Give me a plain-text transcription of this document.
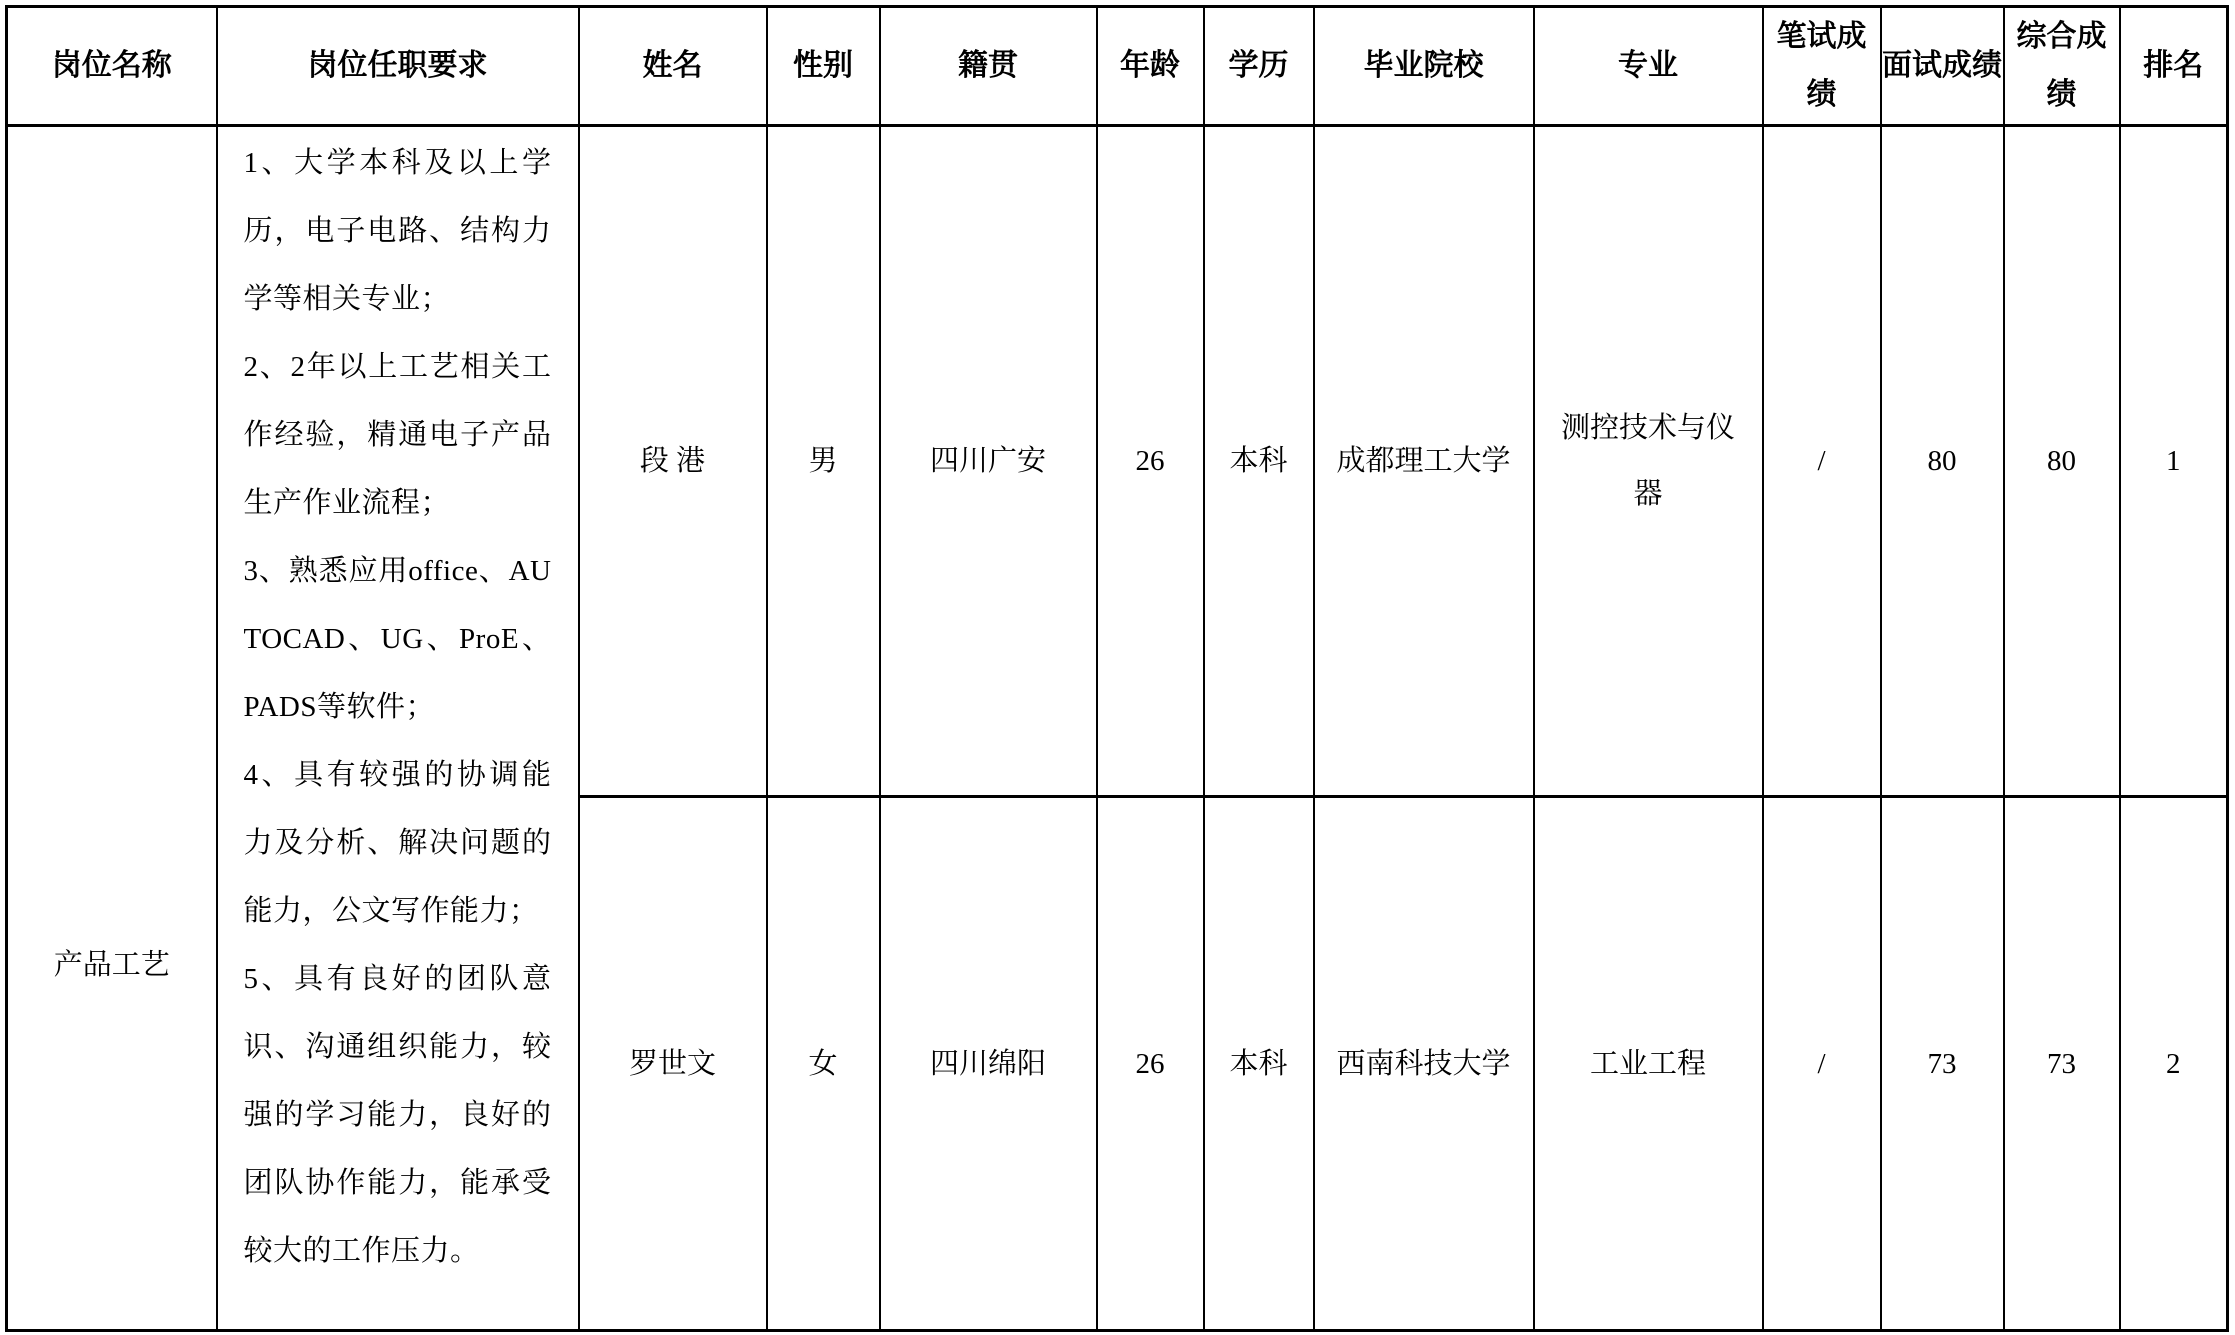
岗位名称	岗位任职要求	姓名	性别	籍贯	年龄	学历	毕业院校	专业	笔试成绩	面试成绩	综合成绩	排名
产品工艺	1、大学本科及以上学历，电子电路、结构力学等相关专业；
2、2年以上工艺相关工作经验，精通电子产品生产作业流程；
3、熟悉应用office、AUTOCAD、UG、ProE、PADS等软件；
4、具有较强的协调能力及分析、解决问题的能力，公文写作能力；
5、具有良好的团队意识、沟通组织能力，较强的学习能力，良好的团队协作能力，能承受较大的工作压力。	段 港	男	四川广安	26	本科	成都理工大学	测控技术与仪器	/	80	80	1
		罗世文	女	四川绵阳	26	本科	西南科技大学	工业工程	/	73	73	2
